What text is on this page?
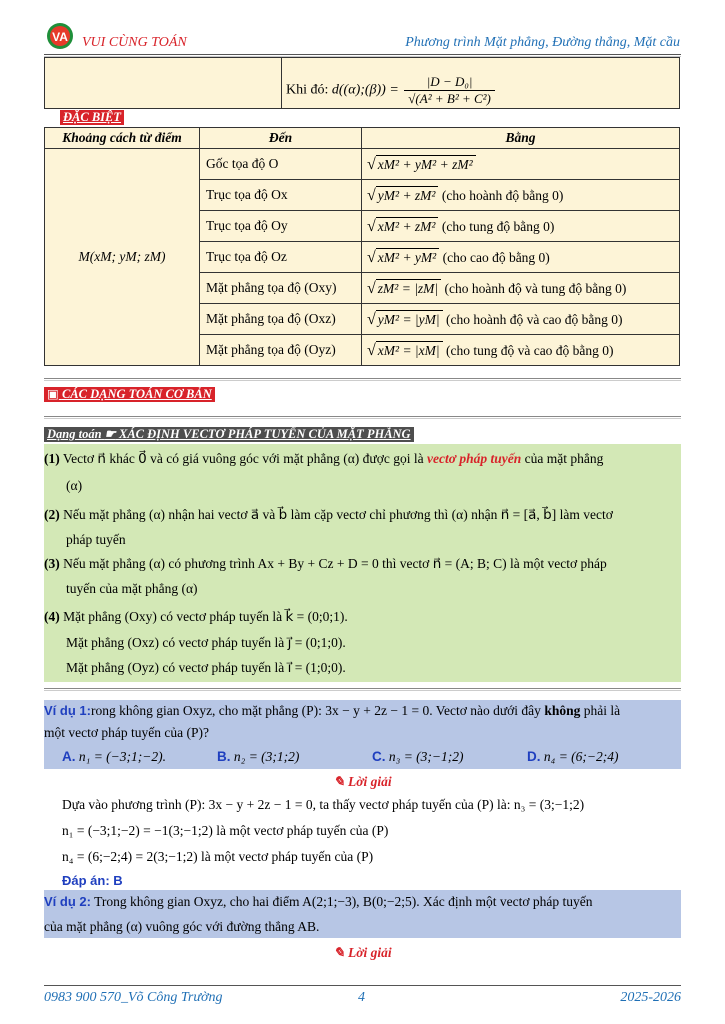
VA VUI CÙNG TOÁN	Phương trình Mặt phẳng, Đường thẳng, Mặt cầu
Khi đó: d((α);(β)) = $\frac{\text{|D − D₀|}}{\text{√(A² + B² + C²)}}$
ĐẶC BIỆT
Khoảng cách từ điểm	Đến	Bằng
M(xM; yM; zM)	Gốc tọa độ O	√ xM² + yM² + zM²
	Trục tọa độ Ox	√ yM² + zM² (cho hoành độ bằng 0)
	Trục tọa độ Oy	√ xM² + zM² (cho tung độ bằng 0)
	Trục tọa độ Oz	√ xM² + yM² (cho cao độ bằng 0)
	Mặt phẳng tọa độ (Oxy)	√ zM² = |zM| (cho hoành độ và tung độ bằng 0)
	Mặt phẳng tọa độ (Oxz)	√ yM² = |yM| (cho hoành độ và cao độ bằng 0)
	Mặt phẳng tọa độ (Oyz)	√ xM² = |xM| (cho tung độ và cao độ bằng 0)
▣ CÁC DẠNG TOÁN CƠ BẢN
Dạng toán ☛ XÁC ĐỊNH VECTƠ PHÁP TUYẾN CỦA MẶT PHẲNG
(1) Vectơ n⃗ khác 0⃗ và có giá vuông góc với mặt phẳng (α) được gọi là vectơ pháp tuyến của mặt phẳng
(α)
(2) Nếu mặt phẳng (α) nhận hai vectơ a⃗ và b⃗ làm cặp vectơ chỉ phương thì (α) nhận n⃗ = [a⃗, b⃗] làm vectơ
pháp tuyến
(3) Nếu mặt phẳng (α) có phương trình Ax + By + Cz + D = 0 thì vectơ n⃗ = (A; B; C) là một vectơ pháp
tuyến của mặt phẳng (α)
(4) Mặt phẳng (Oxy) có vectơ pháp tuyến là k⃗ = (0;0;1).
Mặt phẳng (Oxz) có vectơ pháp tuyến là j⃗ = (0;1;0).
Mặt phẳng (Oyz) có vectơ pháp tuyến là i⃗ = (1;0;0).
Ví dụ 1:rong không gian Oxyz, cho mặt phẳng (P): 3x − y + 2z − 1 = 0. Vectơ nào dưới đây không phải là
một vectơ pháp tuyến của (P)?
A. n₁ = (−3;1;−2).	B. n₂ = (3;1;2)	C. n₃ = (3;−1;2)	D. n₄ = (6;−2;4)
✎ Lời giải
Dựa vào phương trình (P): 3x − y + 2z − 1 = 0, ta thấy vectơ pháp tuyến của (P) là: n₃ = (3;−1;2)
n₁ = (−3;1;−2) = −1(3;−1;2) là một vectơ pháp tuyến của (P)
n₄ = (6;−2;4) = 2(3;−1;2) là một vectơ pháp tuyến của (P)
Đáp án: B
Ví dụ 2: Trong không gian Oxyz, cho hai điểm A(2;1;−3), B(0;−2;5). Xác định một vectơ pháp tuyến
của mặt phẳng (α) vuông góc với đường thẳng AB.
✎ Lời giải
0983 900 570_Võ Công Trường	4	2025-2026
